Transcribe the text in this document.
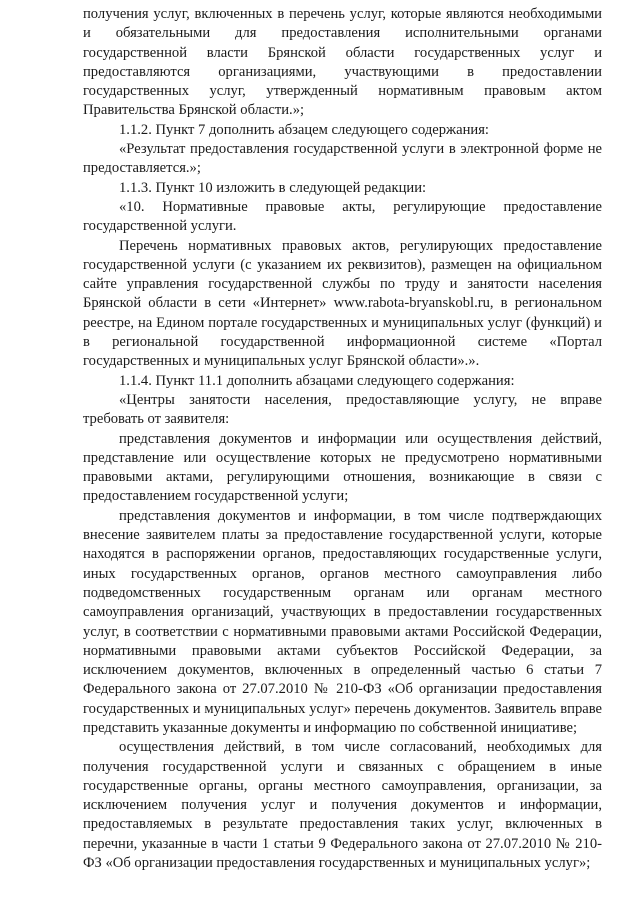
получения услуг, включенных в перечень услуг, которые являются необходимыми и обязательными для предоставления исполнительными органами государственной власти Брянской области государственных услуг и предоставляются организациями, участвующими в предоставлении государственных услуг, утвержденный нормативным правовым актом Правительства Брянской области.»;

1.1.2. Пункт 7 дополнить абзацем следующего содержания:

«Результат предоставления государственной услуги в электронной форме не предоставляется.»;

1.1.3. Пункт 10 изложить в следующей редакции:

«10. Нормативные правовые акты, регулирующие предоставление государственной услуги.

Перечень нормативных правовых актов, регулирующих предоставление государственной услуги (с указанием их реквизитов), размещен на официальном сайте управления государственной службы по труду и занятости населения Брянской области в сети «Интернет» www.rabota-bryanskobl.ru, в региональном реестре, на Едином портале государственных и муниципальных услуг (функций) и в региональной государственной информационной системе «Портал государственных и муниципальных услуг Брянской области».».

1.1.4. Пункт 11.1 дополнить абзацами следующего содержания:

«Центры занятости населения, предоставляющие услугу, не вправе требовать от заявителя:

представления документов и информации или осуществления действий, представление или осуществление которых не предусмотрено нормативными правовыми актами, регулирующими отношения, возникающие в связи с предоставлением государственной услуги;

представления документов и информации, в том числе подтверждающих внесение заявителем платы за предоставление государственной услуги, которые находятся в распоряжении органов, предоставляющих государственные услуги, иных государственных органов, органов местного самоуправления либо подведомственных государственным органам или органам местного самоуправления организаций, участвующих в предоставлении государственных услуг, в соответствии с нормативными правовыми актами Российской Федерации, нормативными правовыми актами субъектов Российской Федерации, за исключением документов, включенных в определенный частью 6 статьи 7 Федерального закона от 27.07.2010 № 210-ФЗ «Об организации предоставления государственных и муниципальных услуг» перечень документов. Заявитель вправе представить указанные документы и информацию по собственной инициативе;

осуществления действий, в том числе согласований, необходимых для получения государственной услуги и связанных с обращением в иные государственные органы, органы местного самоуправления, организации, за исключением получения услуг и получения документов и информации, предоставляемых в результате предоставления таких услуг, включенных в перечни, указанные в части 1 статьи 9 Федерального закона от 27.07.2010 № 210-ФЗ «Об организации предоставления государственных и муниципальных услуг»;
